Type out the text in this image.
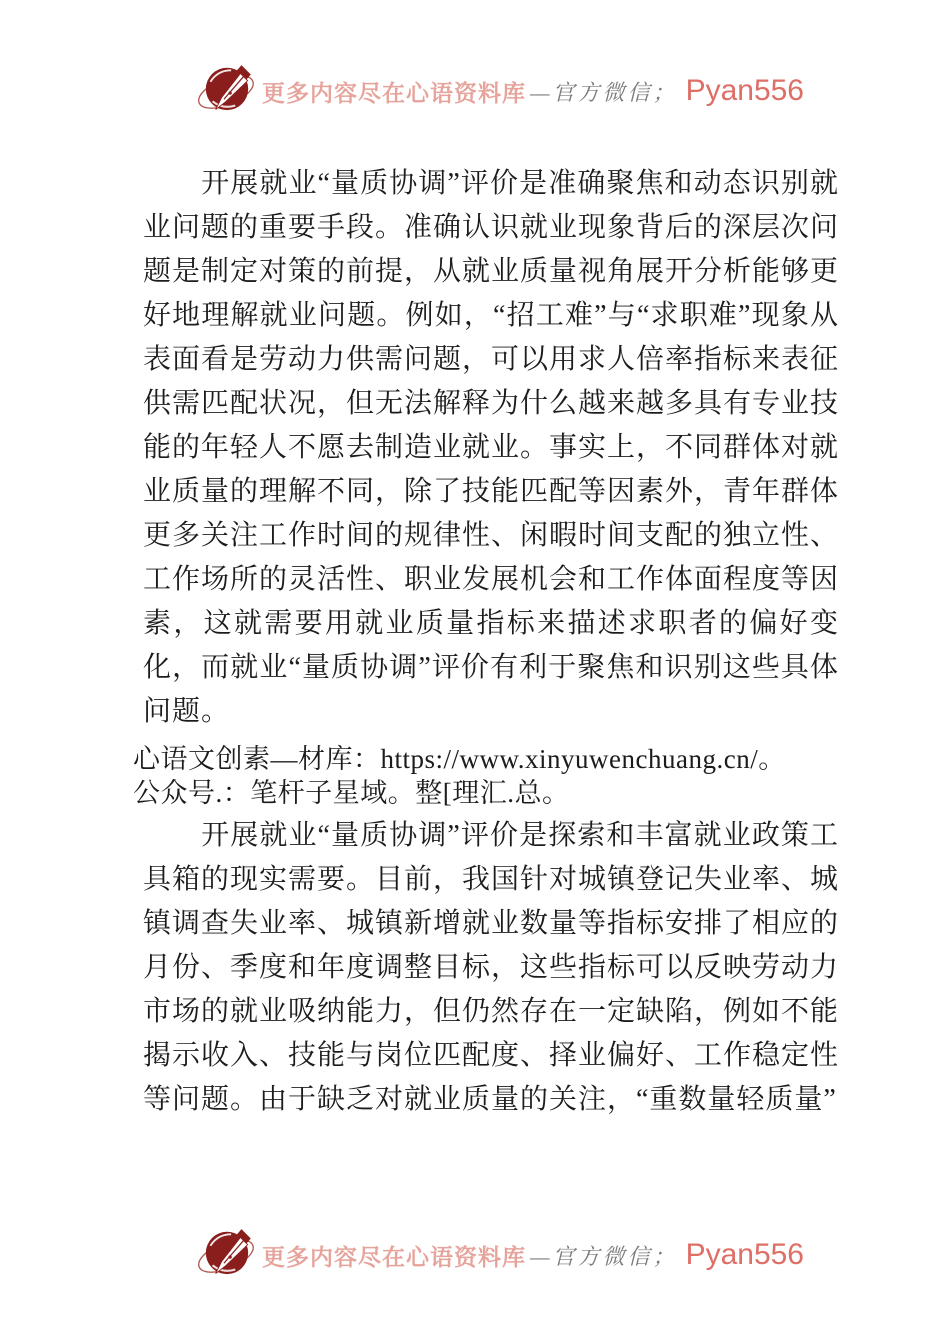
更多内容尽在心语资料库 —官方微信； Pyan556

　　开展就业“量质协调”评价是准确聚焦和动态识别就业问题的重要手段。准确认识就业现象背后的深层次问题是制定对策的前提，从就业质量视角展开分析能够更好地理解就业问题。例如，“招工难”与“求职难”现象从表面看是劳动力供需问题，可以用求人倍率指标来表征供需匹配状况，但无法解释为什么越来越多具有专业技能的年轻人不愿去制造业就业。事实上，不同群体对就业质量的理解不同，除了技能匹配等因素外，青年群体更多关注工作时间的规律性、闲暇时间支配的独立性、工作场所的灵活性、职业发展机会和工作体面程度等因素，这就需要用就业质量指标来描述求职者的偏好变化，而就业“量质协调”评价有利于聚焦和识别这些具体问题。

心语文创素—材库：https://www.xinyuwenchuang.cn/。
公众号.：笔杆子星域。整[理汇.总。

　　开展就业“量质协调”评价是探索和丰富就业政策工具箱的现实需要。目前，我国针对城镇登记失业率、城镇调查失业率、城镇新增就业数量等指标安排了相应的月份、季度和年度调整目标，这些指标可以反映劳动力市场的就业吸纳能力，但仍然存在一定缺陷，例如不能揭示收入、技能与岗位匹配度、择业偏好、工作稳定性等问题。由于缺乏对就业质量的关注，“重数量轻质量”

更多内容尽在心语资料库 —官方微信； Pyan556
